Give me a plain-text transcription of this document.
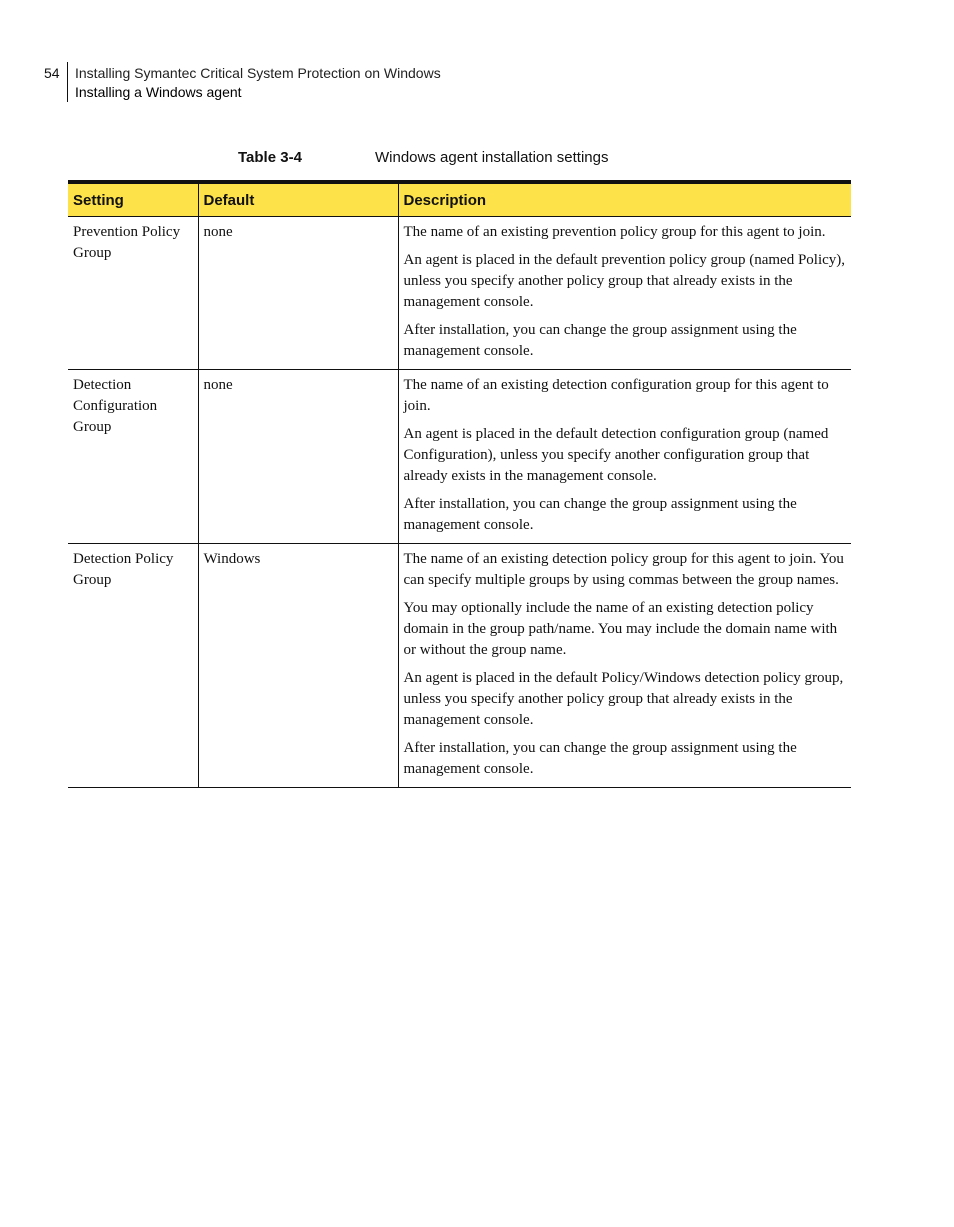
54 Installing Symantec Critical System Protection on Windows
Installing a Windows agent
Table 3-4	Windows agent installation settings
Setting	Default	Description
Prevention Policy Group	none	The name of an existing prevention policy group for this agent to join.

An agent is placed in the default prevention policy group (named Policy), unless you specify another policy group that already exists in the management console.

After installation, you can change the group assignment using the management console.

Detection Configuration Group	none	The name of an existing detection configuration group for this agent to join.

An agent is placed in the default detection configuration group (named Configuration), unless you specify another configuration group that already exists in the management console.

After installation, you can change the group assignment using the management console.

Detection Policy Group	Windows	The name of an existing detection policy group for this agent to join. You can specify multiple groups by using commas between the group names.

You may optionally include the name of an existing detection policy domain in the group path/name. You may include the domain name with or without the group name.

An agent is placed in the default Policy/Windows detection policy group, unless you specify another policy group that already exists in the management console.

After installation, you can change the group assignment using the management console.
